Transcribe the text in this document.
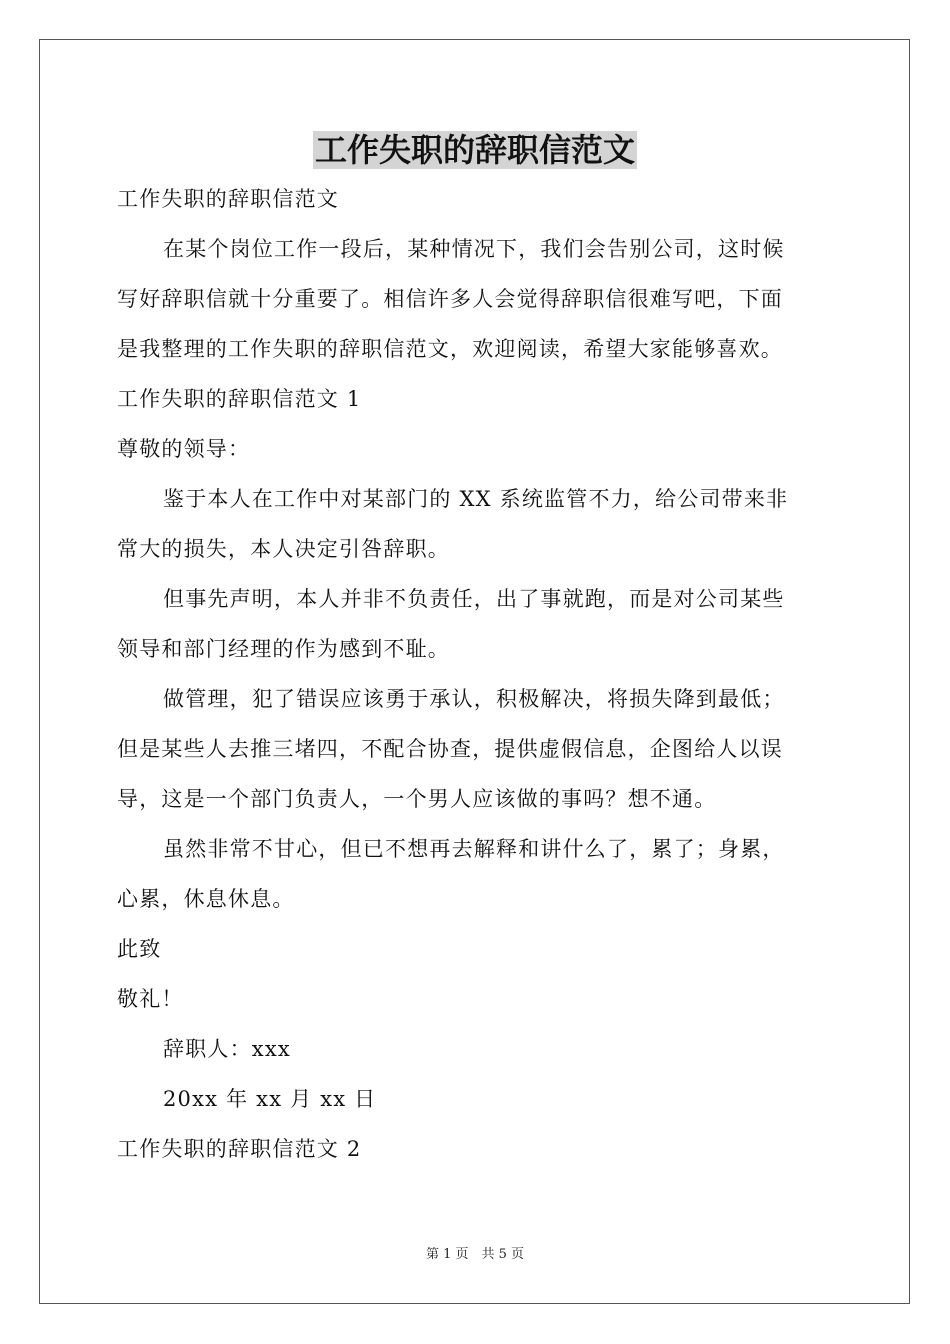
工作失职的辞职信范文
工作失职的辞职信范文
在某个岗位工作一段后，某种情况下，我们会告别公司，这时候
写好辞职信就十分重要了。相信许多人会觉得辞职信很难写吧，下面
是我整理的工作失职的辞职信范文，欢迎阅读，希望大家能够喜欢。
工作失职的辞职信范文 1
尊敬的领导：
鉴于本人在工作中对某部门的 XX 系统监管不力，给公司带来非
常大的损失，本人决定引咎辞职。
但事先声明，本人并非不负责任，出了事就跑，而是对公司某些
领导和部门经理的作为感到不耻。
做管理，犯了错误应该勇于承认，积极解决，将损失降到最低；
但是某些人去推三堵四，不配合协查，提供虚假信息，企图给人以误
导，这是一个部门负责人，一个男人应该做的事吗？想不通。
虽然非常不甘心，但已不想再去解释和讲什么了，累了；身累，
心累，休息休息。
此致
敬礼！
辞职人：xxx
20xx 年 xx 月 xx 日
工作失职的辞职信范文 2
第 1 页　共 5 页
